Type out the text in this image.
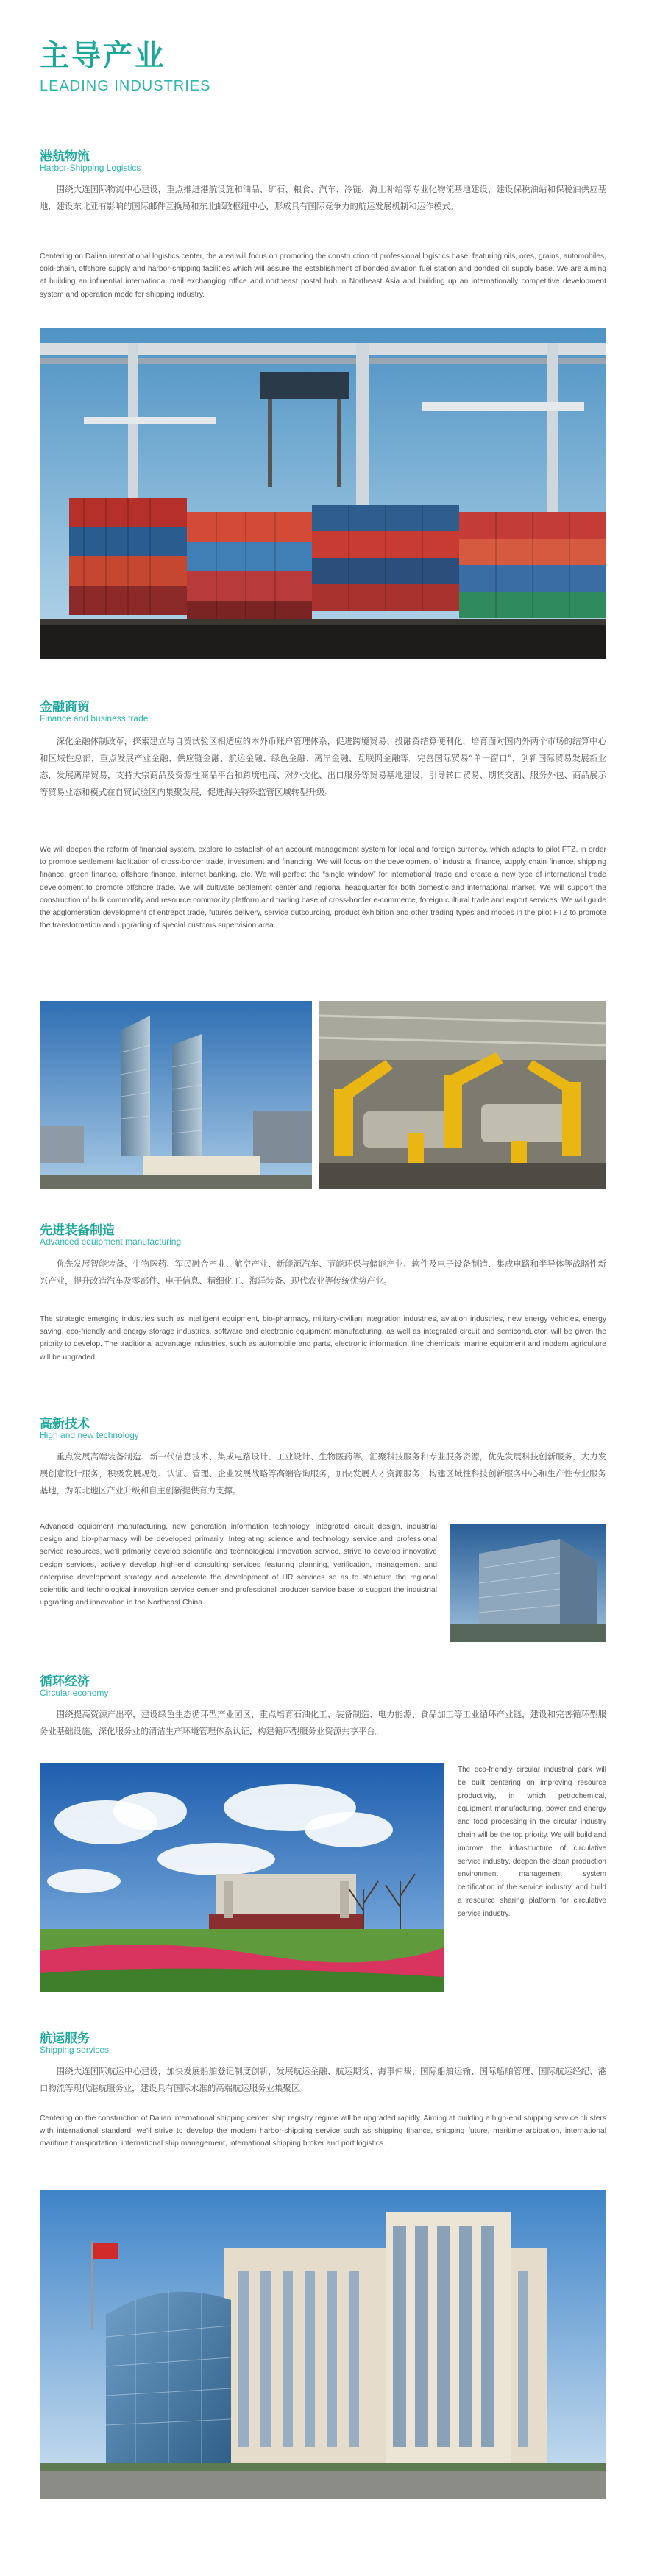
主导产业
LEADING INDUSTRIES
港航物流
Harbor-Shipping Logistics
围绕大连国际物流中心建设，重点推进港航设施和油品、矿石、粮食、汽车、冷链、海上补给等专业化物流基地建设，建设保税油站和保税油供应基地，建设东北亚有影响的国际邮件互换局和东北邮政枢纽中心，形成具有国际竞争力的航运发展机制和运作模式。
Centering on Dalian international logistics center, the area will focus on promoting the construction of professional logistics base, featuring oils, ores, grains, automobiles, cold-chain, offshore supply and harbor-shipping facilities which will assure the establishment of bonded aviation fuel station and bonded oil supply base. We are aiming at building an influential international mail exchanging office and northeast postal hub in Northeast Asia and building up an internationally competitive development system and operation mode for shipping industry.
金融商贸
Finance and business trade
深化金融体制改革，探索建立与自贸试验区相适应的本外币账户管理体系，促进跨境贸易、投融资结算便利化，培育面对国内外两个市场的结算中心和区域性总部，重点发展产业金融、供应链金融、航运金融、绿色金融、离岸金融、互联网金融等。完善国际贸易“单一窗口”，创新国际贸易发展新业态，发展离岸贸易，支持大宗商品及资源性商品平台和跨境电商、对外文化、出口服务等贸易基地建设，引导转口贸易、期货交割、服务外包、商品展示等贸易业态和模式在自贸试验区内集聚发展，促进海关特殊监管区域转型升级。
We will deepen the reform of financial system, explore to establish of an account management system for local and foreign currency, which adapts to pilot FTZ, in order to promote settlement facilitation of cross-border trade, investment and financing. We will focus on the development of industrial finance, supply chain finance, shipping finance, green finance, offshore finance, internet banking, etc. We will perfect the “single window” for international trade and create a new type of international trade development to promote offshore trade. We will cultivate settlement center and regional headquarter for both domestic and international market. We will support the construction of bulk commodity and resource commodity platform and trading base of cross-border e-commerce, foreign cultural trade and export services. We will guide the agglomeration development of entrepot trade, futures delivery, service outsourcing, product exhibition and other trading types and modes in the pilot FTZ to promote the transformation and upgrading of special customs supervision area.
先进装备制造
Advanced equipment manufacturing
优先发展智能装备、生物医药、军民融合产业、航空产业、新能源汽车、节能环保与储能产业、软件及电子设备制造、集成电路和半导体等战略性新兴产业，提升改造汽车及零部件、电子信息、精细化工、海洋装备、现代农业等传统优势产业。
The strategic emerging industries such as intelligent equipment, bio-pharmacy, military-civilian integration industries, aviation industries, new energy vehicles, energy saving, eco-friendly and energy storage industries, software and electronic equipment manufacturing, as well as integrated circuit and semiconductor, will be given the priority to develop. The traditional advantage industries, such as automobile and parts, electronic information, fine chemicals, marine equipment and modern agriculture will be upgraded.
高新技术
High and new technology
重点发展高端装备制造、新一代信息技术、集成电路设计、工业设计、生物医药等。汇聚科技服务和专业服务资源，优先发展科技创新服务，大力发展创意设计服务，积极发展规划、认证、管理、企业发展战略等高端咨询服务，加快发展人才资源服务，构建区域性科技创新服务中心和生产性专业服务基地，为东北地区产业升级和自主创新提供有力支撑。
Advanced equipment manufacturing, new generation information technology, integrated circuit design, industrial design and bio-pharmacy will be developed primarily. Integrating science and technology service and professional service resources, we’ll primarily develop scientific and technological innovation service, strive to develop innovative design services, actively develop high-end consulting services featuring planning, verification, management and enterprise development strategy and accelerate the development of HR services so as to structure the regional scientific and technological innovation service center and professional producer service base to support the industrial upgrading and innovation in the Northeast China.
循环经济
Circular economy
围绕提高资源产出率，建设绿色生态循环型产业园区，重点培育石油化工、装备制造、电力能源、食品加工等工业循环产业链，建设和完善循环型服务业基础设施，深化服务业的清洁生产环境管理体系认证，构建循环型服务业资源共享平台。
The eco-friendly circular industrial park will be built centering on improving resource productivity, in which petrochemical, equipment manufacturing, power and energy and food processing in the circular industry chain will be the top priority. We will build and improve the infrastructure of circulative service industry, deepen the clean production environment management system certification of the service industry, and build a resource sharing platform for circulative service industry.
航运服务
Shipping services
围绕大连国际航运中心建设，加快发展船舶登记制度创新，发展航运金融、航运期货、海事仲裁、国际船舶运输、国际船舶管理、国际航运经纪、港口物流等现代港航服务业，建设具有国际水准的高端航运服务业集聚区。
Centering on the construction of Dalian international shipping center, ship registry regime will be upgraded rapidly. Aiming at building a high-end shipping service clusters with international standard, we’ll strive to develop the modern harbor-shipping service such as shipping finance, shipping future, maritime arbitration, international maritime transportation, international ship management, international shipping broker and port logistics.
